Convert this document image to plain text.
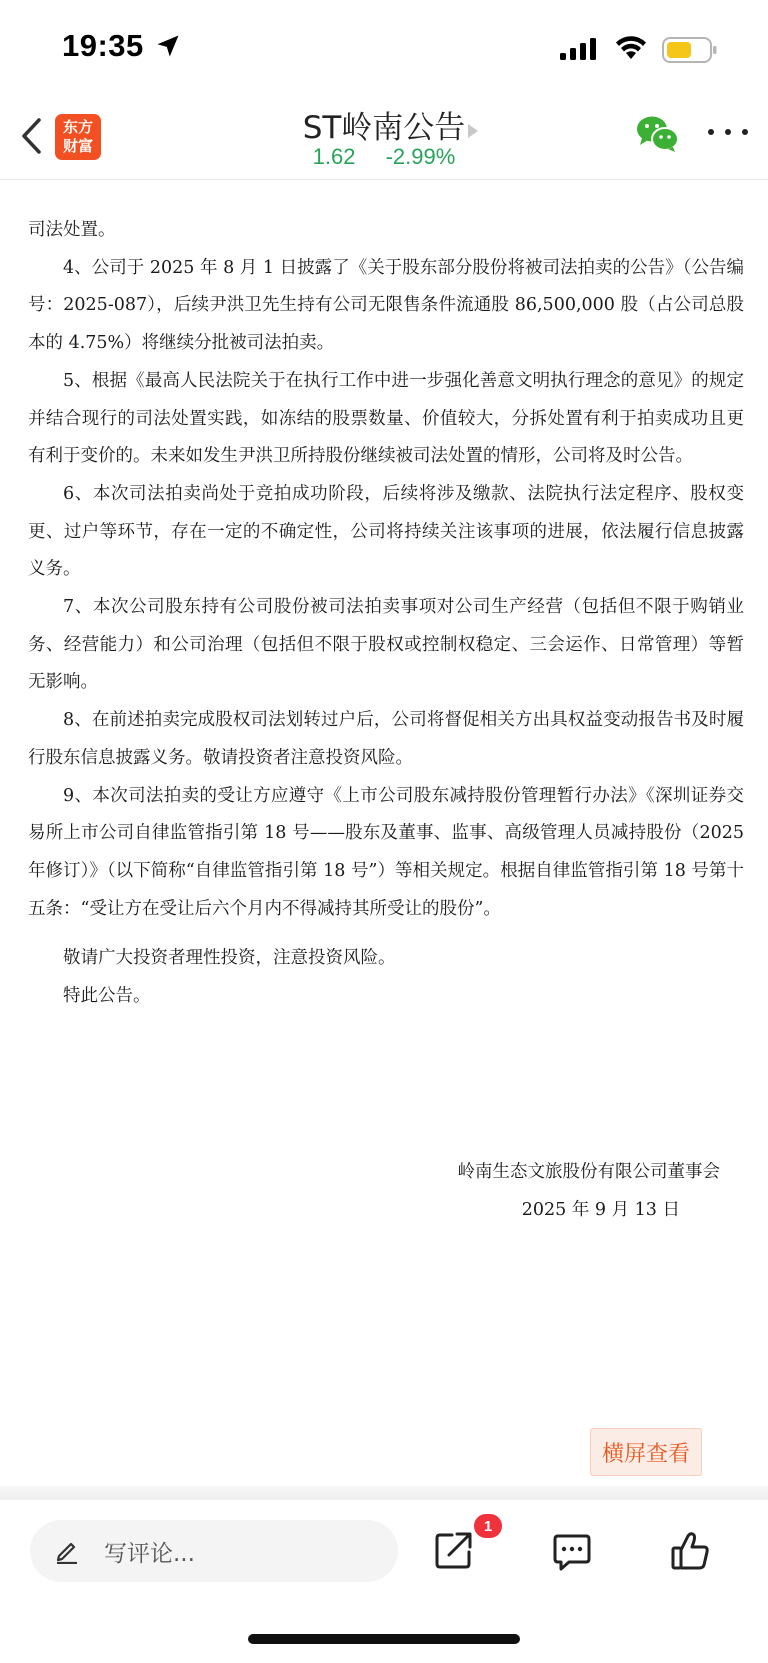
19:35
东方
财富	ST岭南公告
1.62 -2.99%

司法处置。

4、公司于 2025 年 8 月 1 日披露了《关于股东部分股份将被司法拍卖的公告》（公告编号：2025-087），后续尹洪卫先生持有公司无限售条件流通股 86,500,000 股（占公司总股本的 4.75%）将继续分批被司法拍卖。

5、根据《最高人民法院关于在执行工作中进一步强化善意文明执行理念的意见》的规定并结合现行的司法处置实践，如冻结的股票数量、价值较大，分拆处置有利于拍卖成功且更有利于变价的。未来如发生尹洪卫所持股份继续被司法处置的情形，公司将及时公告。

6、本次司法拍卖尚处于竞拍成功阶段，后续将涉及缴款、法院执行法定程序、股权变更、过户等环节，存在一定的不确定性，公司将持续关注该事项的进展，依法履行信息披露义务。

7、本次公司股东持有公司股份被司法拍卖事项对公司生产经营（包括但不限于购销业务、经营能力）和公司治理（包括但不限于股权或控制权稳定、三会运作、日常管理）等暂无影响。

8、在前述拍卖完成股权司法划转过户后，公司将督促相关方出具权益变动报告书及时履行股东信息披露义务。敬请投资者注意投资风险。

9、本次司法拍卖的受让方应遵守《上市公司股东减持股份管理暂行办法》《深圳证券交易所上市公司自律监管指引第 18 号——股东及董事、监事、高级管理人员减持股份（2025 年修订）》（以下简称“自律监管指引第 18 号”）等相关规定。根据自律监管指引第 18 号第十五条：“受让方在受让后六个月内不得减持其所受让的股份”。

敬请广大投资者理性投资，注意投资风险。

特此公告。

岭南生态文旅股份有限公司董事会
2025 年 9 月 13 日
横屏查看
写评论...
1
